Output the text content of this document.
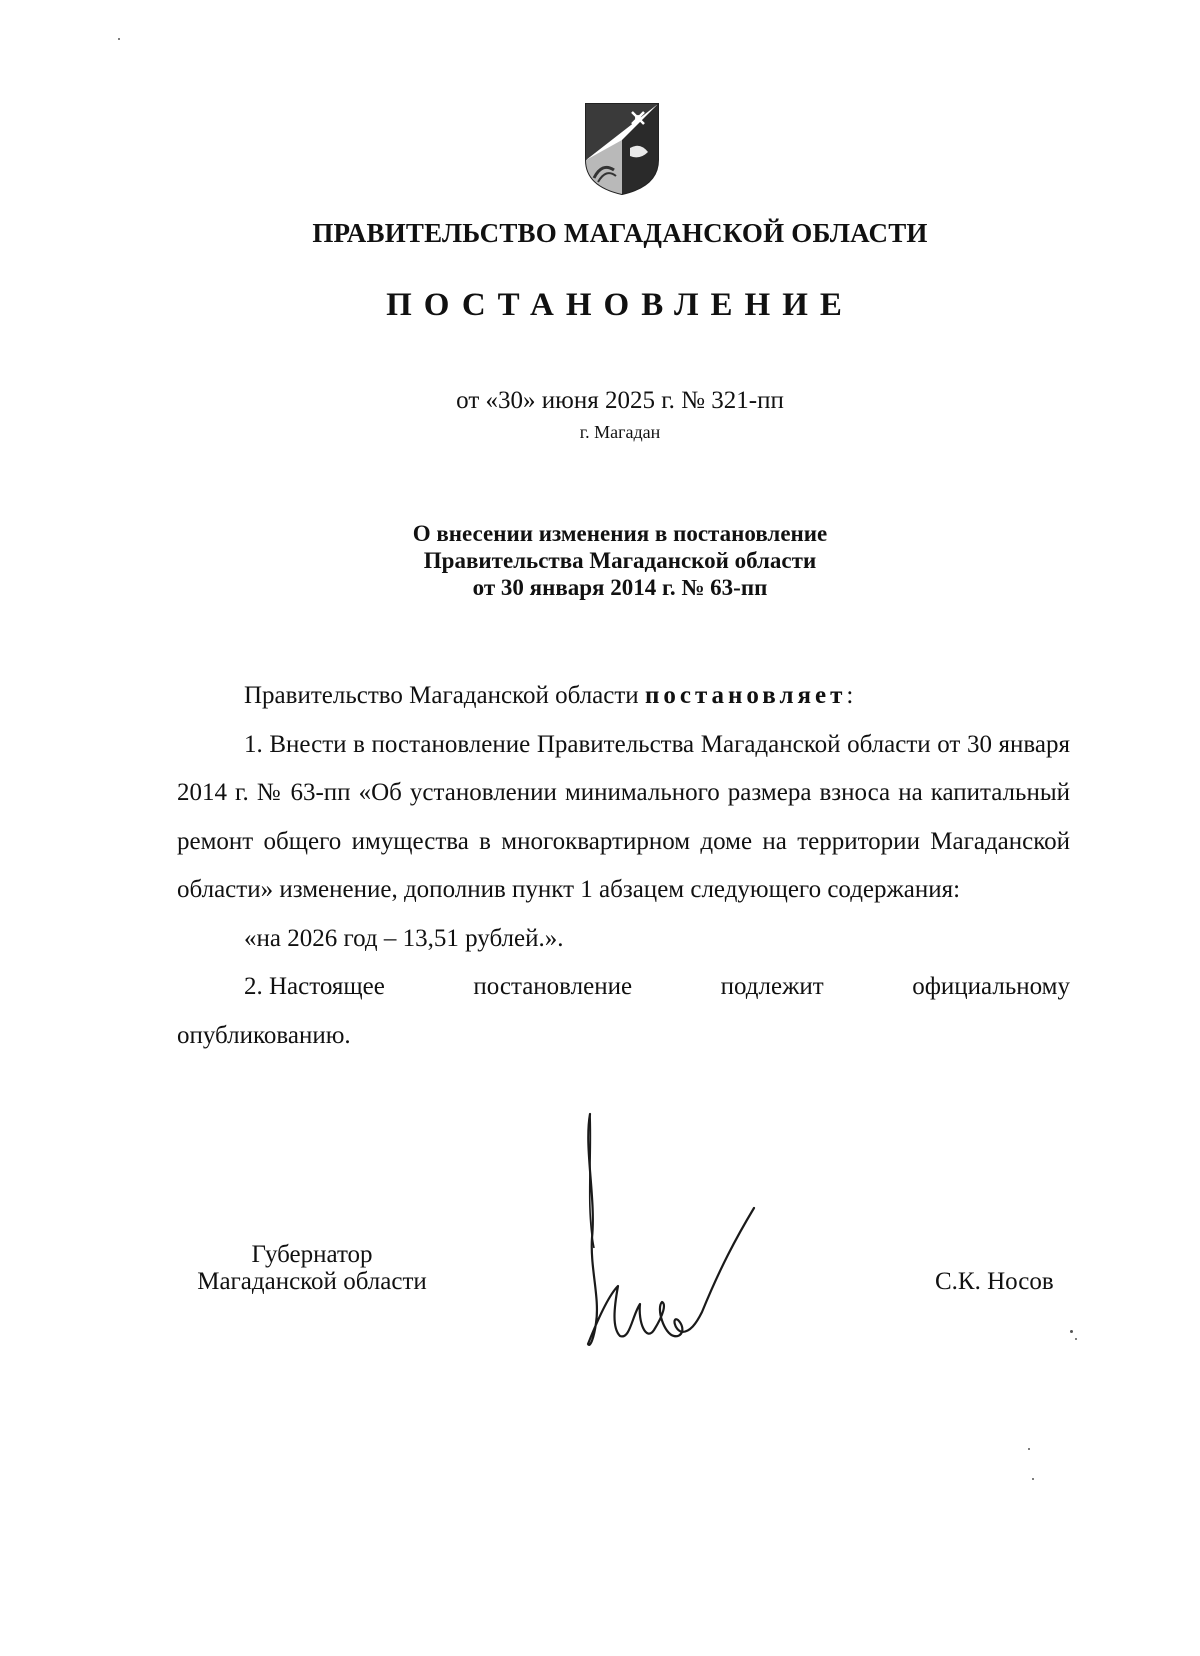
ПРАВИТЕЛЬСТВО МАГАДАНСКОЙ ОБЛАСТИ
ПОСТАНОВЛЕНИЕ
от «30» июня 2025 г. № 321-пп
г. Магадан
О внесении изменения в постановление
Правительства Магаданской области
от 30 января 2014 г. № 63-пп

Правительство Магаданской области постановляет:

1. Внести в постановление Правительства Магаданской области от 30 января 2014 г. № 63-пп «Об установлении минимального размера взноса на капитальный ремонт общего имущества в многоквартирном доме на территории Магаданской области» изменение, дополнив пункт 1 абзацем следующего содержания:

«на 2026 год – 13,51 рублей.».

2. Настоящее	постановление	подлежит	официальному

опубликованию.

Губернатор
Магаданской области	С.К. Носов
